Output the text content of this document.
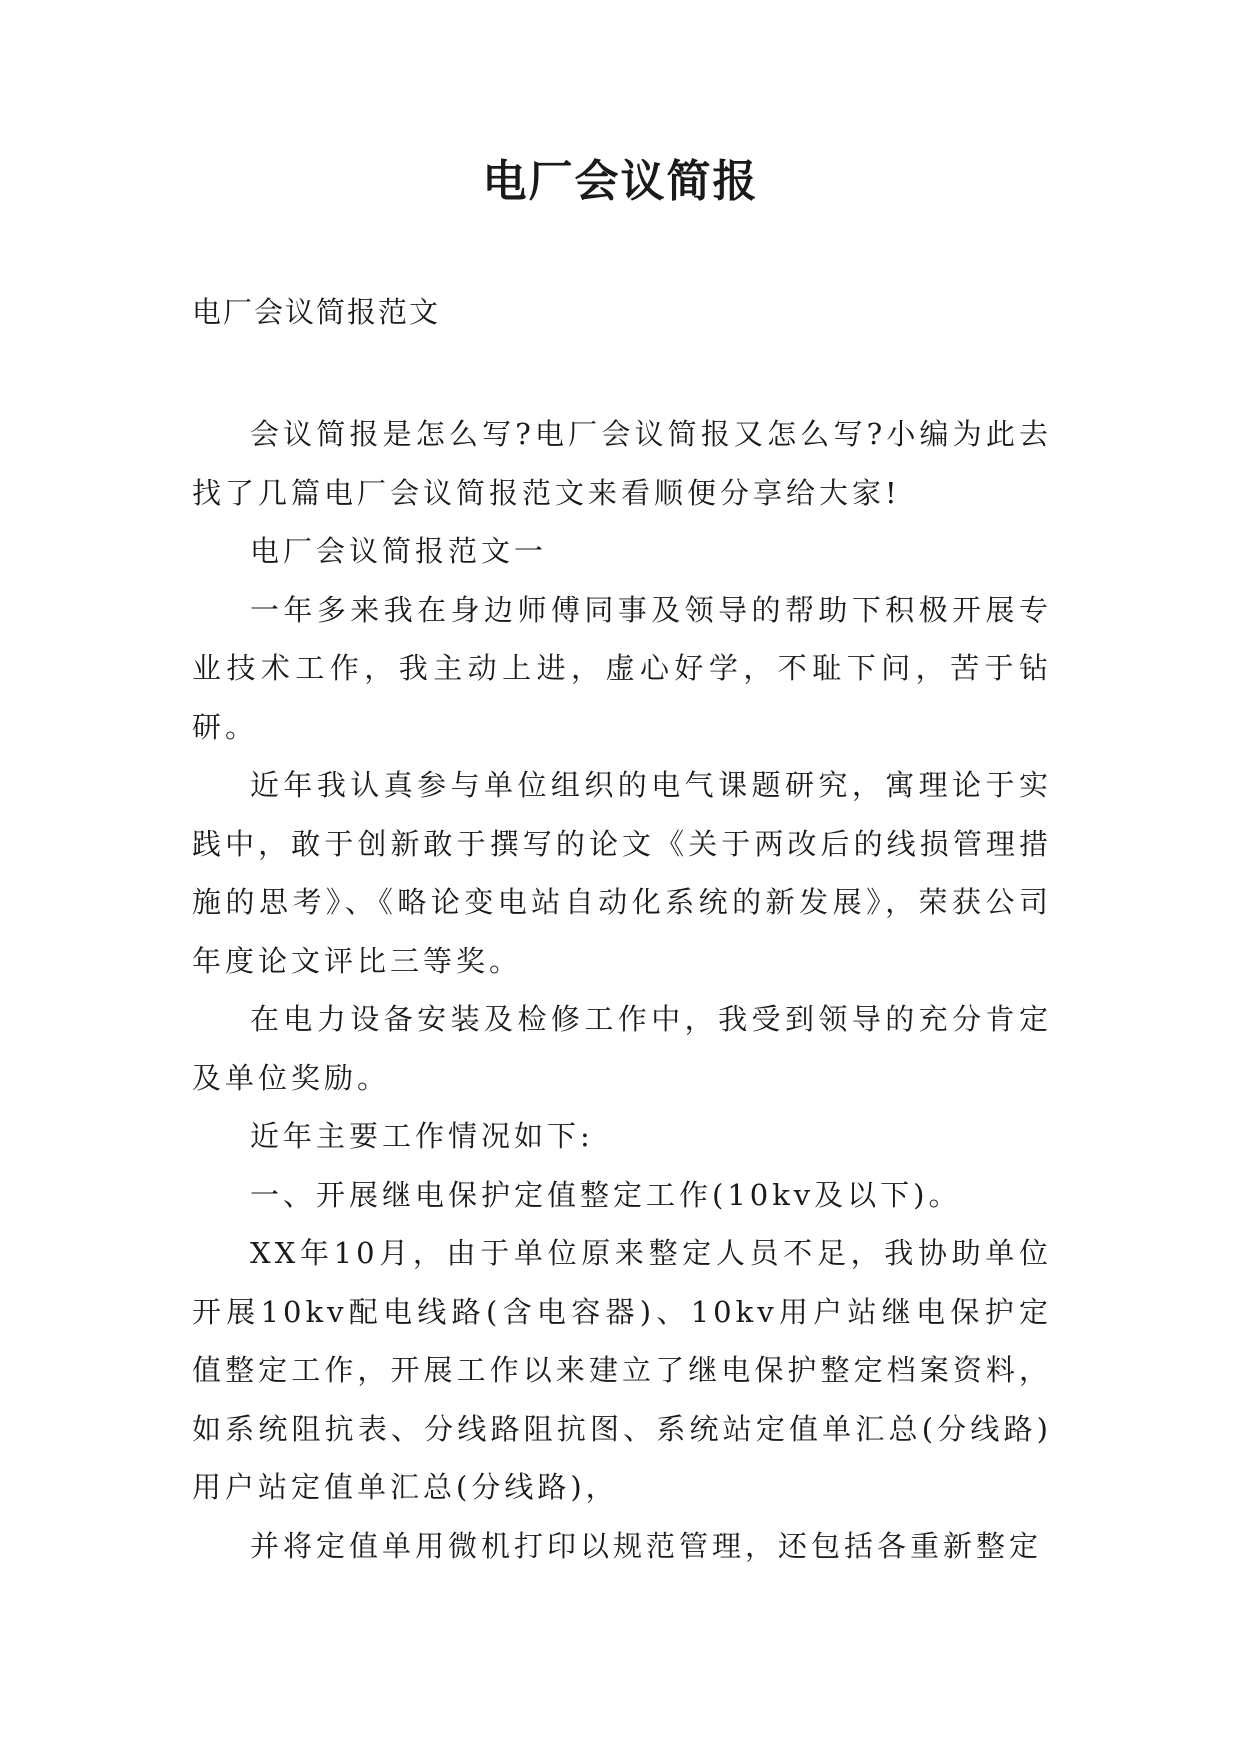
电厂会议简报
电厂会议简报范文

会议简报是怎么写?电厂会议简报又怎么写?小编为此去找了几篇电厂会议简报范文来看顺便分享给大家!

电厂会议简报范文一

一年多来我在身边师傅同事及领导的帮助下积极开展专业技术工作，我主动上进，虚心好学，不耻下问，苦于钻研。

近年我认真参与单位组织的电气课题研究，寓理论于实践中，敢于创新敢于撰写的论文《关于两改后的线损管理措施的思考》、《略论变电站自动化系统的新发展》，荣获公司年度论文评比三等奖。

在电力设备安装及检修工作中，我受到领导的充分肯定及单位奖励。

近年主要工作情况如下:

一、开展继电保护定值整定工作(10kv及以下)。

XX年10月，由于单位原来整定人员不足，我协助单位开展10kv配电线路(含电容器)、10kv用户站继电保护定值整定工作，开展工作以来建立了继电保护整定档案资料，如系统阻抗表、分线路阻抗图、系统站定值单汇总(分线路)用户站定值单汇总(分线路)，

并将定值单用微机打印以规范管理，还包括各重新整定
